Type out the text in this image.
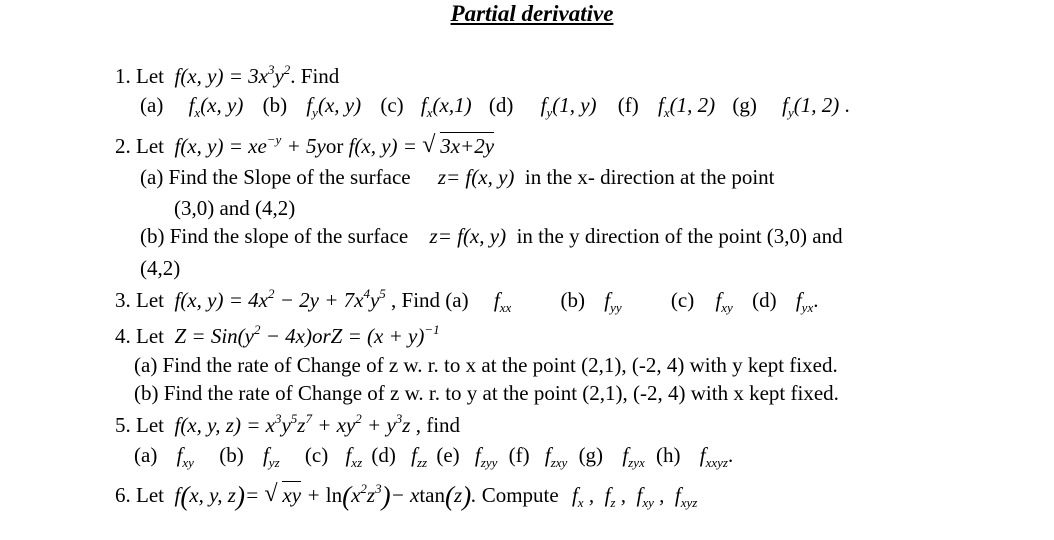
Partial derivative
1. Let f(x, $y) = 3x^3y^2$. Find
(a) $f_x(x$, y) (b) $f_y(x$, y) (c) $f_x(x,1)$ (d) $f_y(1$, y) (f) $f_x(1$, 2) (g) $f_y(1$, 2) .
2. Let f(x, $y) = xe^{-y} + 5yor$ f(x, y) = √ 3x+2y
(a) Find the Slope of the surface z= f(x, y) in the x- direction at the point
(3,0) and (4,2)
(b) Find the slope of the surface z= f(x, y) in the y direction of the point (3,0) and
(4,2)
3. Let f(x, $y) = 4x^2 - 2y + 7x^4y^5$ , Find (a) $f_{xx}$ (b) $f_{yy}$ (c) $f_{xy}$ (d) $f_{yx}$.
4. Let $Z = Sin(y^2 - 4x)orZ = (x + y)^{-1}$
(a) Find the rate of Change of z w. r. to x at the point (2,1), (-2, 4) with y kept fixed.
(b) Find the rate of Change of z w. r. to y at the point (2,1), (-2, 4) with x kept fixed.
5. Let f(x, y, $z) = x^3y^5z^7 + xy^2 + y^3z$ , find
(a) $f_{xy}$ (b) $f_{yz}$ (c) $f_{xz}$ (d) $f_{zz}$ (e) $f_{zyy}$ (f) $f_{zxy}$ (g) $f_{zyx}$ (h) $f_{xxyz}$.
6. Let f(x, y, z)= √ xy + $\ln(x^2z^3)- xtan(z)$. Compute $f_x$ ,  $f_z$ ,  $f_{xy}$ ,  $f_{xyz}$
